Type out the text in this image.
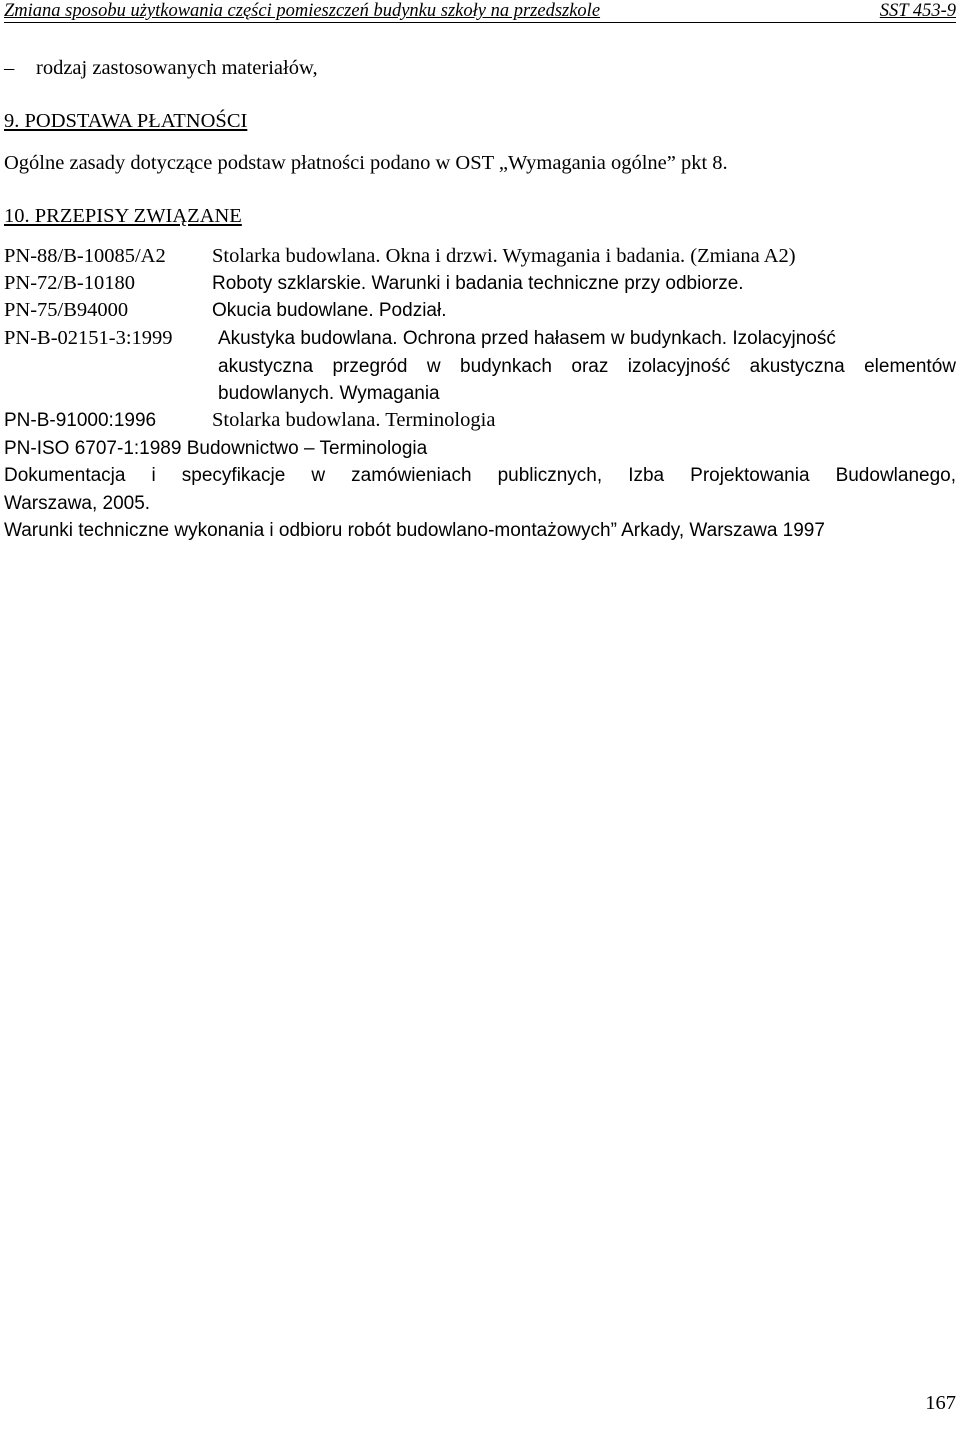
Zmiana sposobu użytkowania części pomieszczeń budynku szkoły na przedszkole	SST 453-9
– rodzaj zastosowanych materiałów,
9. PODSTAWA PŁATNOŚCI
Ogólne zasady dotyczące podstaw płatności podano w OST „Wymagania ogólne” pkt 8.
10. PRZEPISY ZWIĄZANE
PN-88/B-10085/A2 Stolarka budowlana. Okna i drzwi. Wymagania i badania. (Zmiana A2)
PN-72/B-10180	Roboty szklarskie. Warunki i badania techniczne przy odbiorze.
PN-75/B94000	Okucia budowlane. Podział.
PN-B-02151-3:1999 Akustyka budowlana. Ochrona przed hałasem w budynkach. Izolacyjność
akustyczna przegród w budynkach oraz izolacyjność akustyczna elementów
budowlanych. Wymagania
PN-B-91000:1996	Stolarka budowlana. Terminologia
PN-ISO 6707-1:1989 Budownictwo – Terminologia
Dokumentacja i specyfikacje w zamówieniach publicznych, Izba Projektowania Budowlanego,
Warszawa, 2005.
Warunki techniczne wykonania i odbioru robót budowlano-montażowych” Arkady, Warszawa 1997
167
